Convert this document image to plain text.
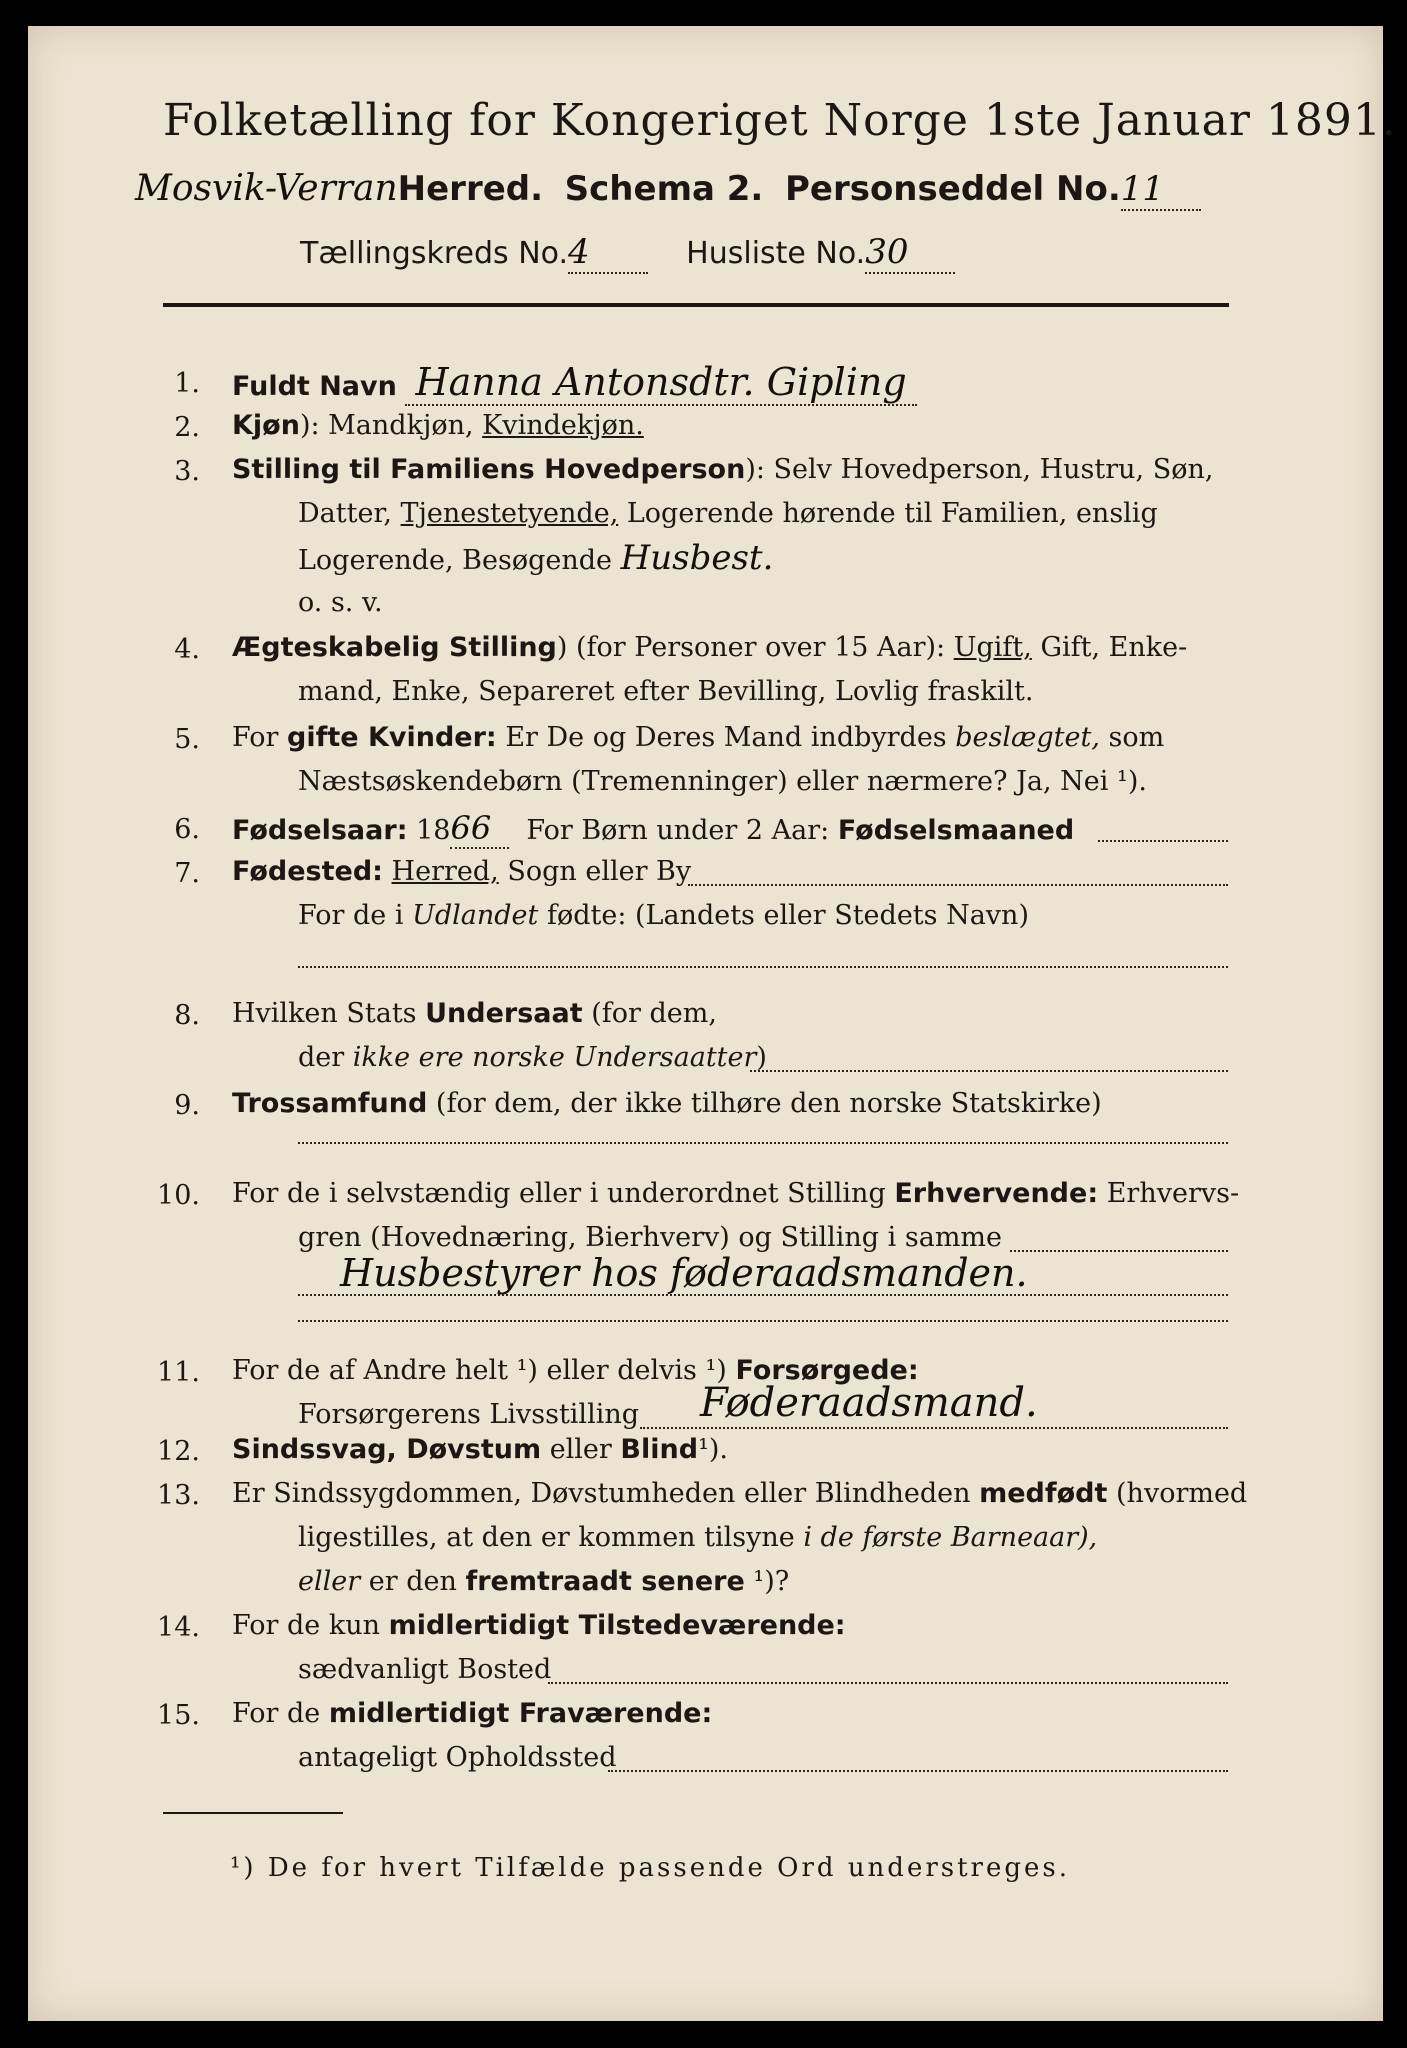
Folketælling for Kongeriget Norge 1ste Januar 1891.
Mosvik-VerranHerred. Schema 2. Personseddel No.11
Tællingskreds No.4	Husliste No.30
1. Fuldt Navn Hanna Antonsdtr. Gipling
2. Kjøn): Mandkjøn, Kvindekjøn.
3. Stilling til Familiens Hovedperson): Selv Hovedperson, Hustru, Søn,
Datter, Tjenestetyende, Logerende hørende til Familien, enslig
Logerende, Besøgende Husbest.
o. s. v.
4. Ægteskabelig Stilling) (for Personer over 15 Aar): Ugift, Gift, Enke-
mand, Enke, Separeret efter Bevilling, Lovlig fraskilt.
5. For gifte Kvinder: Er De og Deres Mand indbyrdes beslægtet, som
Næstsøskendebørn (Tremenninger) eller nærmere? Ja, Nei ¹).
6. Fødselsaar: 1866 For Børn under 2 Aar: Fødselsmaaned
7. Fødested: Herred, Sogn eller By
For de i Udlandet fødte: (Landets eller Stedets Navn)
8. Hvilken Stats Undersaat (for dem,
der ikke ere norske Undersaatter)
9. Trossamfund (for dem, der ikke tilhøre den norske Statskirke)
10. For de i selvstændig eller i underordnet Stilling Erhvervende: Erhvervs-
gren (Hovednæring, Bierhverv) og Stilling i samme
Husbestyrer hos føderaadsmanden.
11. For de af Andre helt ¹) eller delvis ¹) Forsørgede:
Forsørgerens Livsstilling Føderaadsmand.
12. Sindssvag, Døvstum eller Blind¹).
13. Er Sindssygdommen, Døvstumheden eller Blindheden medfødt (hvormed
ligestilles, at den er kommen tilsyne i de første Barneaar),
eller er den fremtraadt senere ¹)?
14. For de kun midlertidigt Tilstedeværende:
sædvanligt Bosted
15. For de midlertidigt Fraværende:
antageligt Opholdssted
¹) De for hvert Tilfælde passende Ord understreges.
